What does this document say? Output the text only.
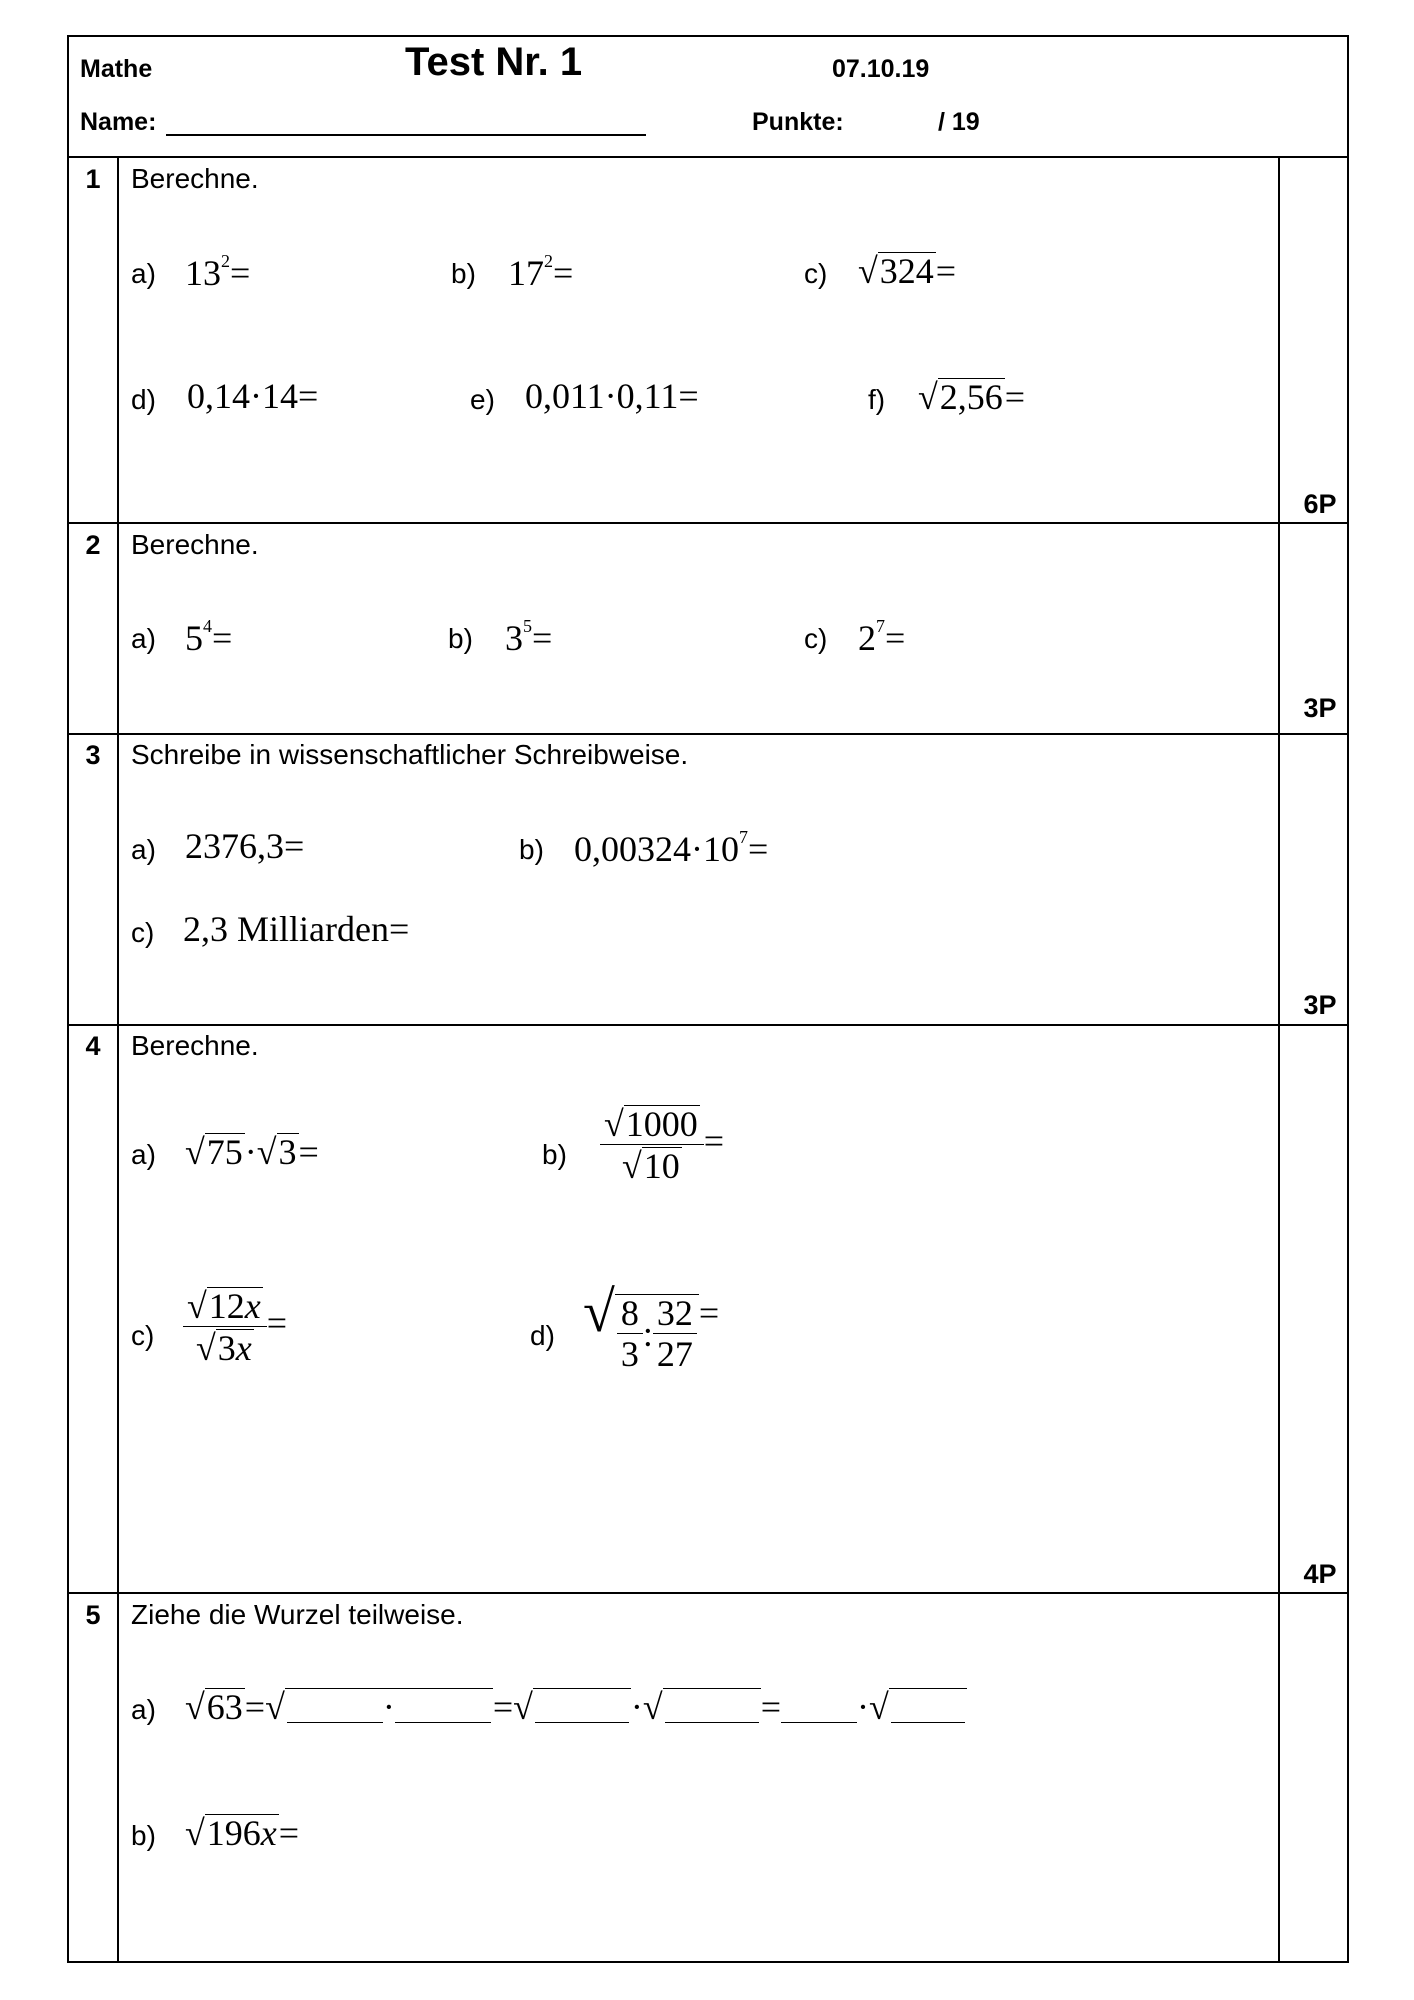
Mathe	Test Nr. 1	07.10.19
Name:	Punkte:	/ 19
1	Berechne.
a) $13^2=$	b) $17^2=$	c) √324=
d) 0,14·14=	e) 0,011·0,11=	f) √2,56=
6P
2	Berechne.
a) $5^4=$	b) $3^5=$	c) $2^7=$
3P
3	Schreibe in wissenschaftlicher Schreibweise.
a) 2376,3=	b) $0,00324\cdot 10^7=$
c) 2,3 Milliarden=
3P
4	Berechne.
a) √75·√3=	$b) \frac{√1000}{√10}$ =
$c) \frac{√12x}{√3x}$ =	d) √ $\frac{8}{3}$ : $\frac{32}{27}$ =
4P
5	Ziehe die Wurzel teilweise.
a) √63=√	·	=√	·√	= ·√
b) √196x=
